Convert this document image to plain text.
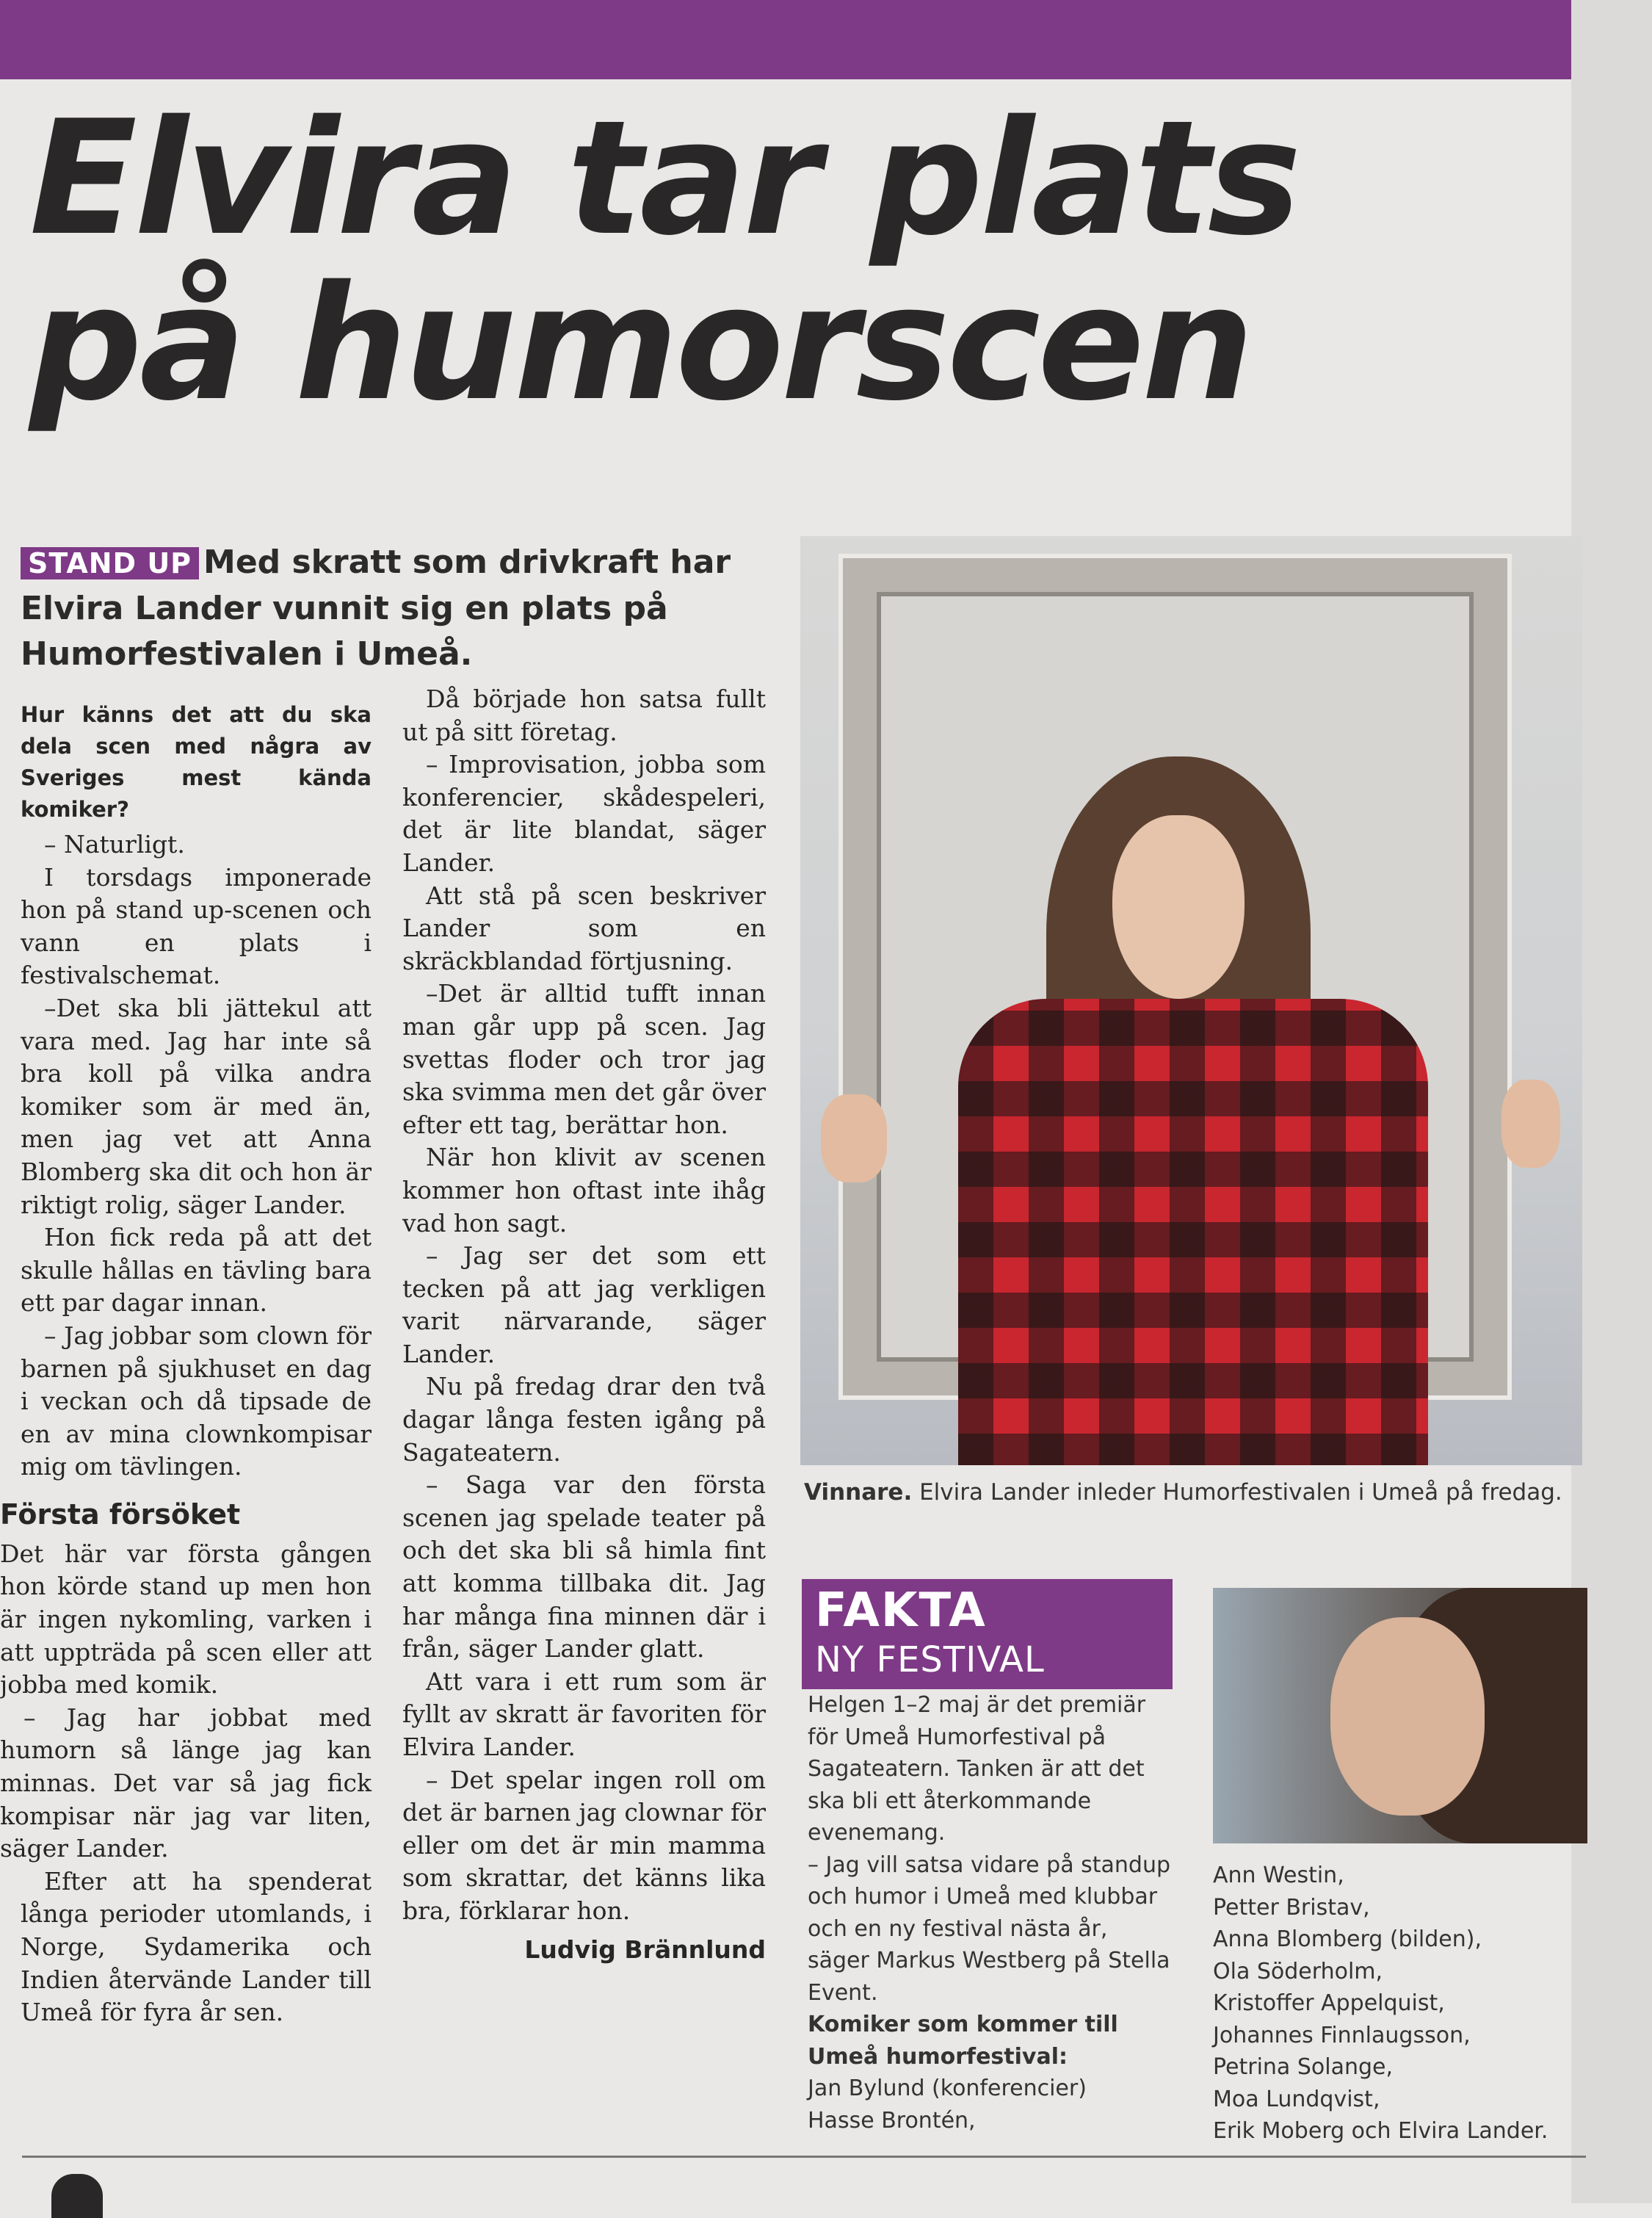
Elvira tar plats
på humorscen
STAND UP Med skratt som drivkraft har Elvira Lander vunnit sig en plats på Humorfestivalen i Umeå.

Hur känns det att du ska dela scen med några av Sveriges mest kända komiker?

– Naturligt.

I torsdags imponerade hon på stand up-scenen och vann en plats i festivalschemat.

–Det ska bli jättekul att vara med. Jag har inte så bra koll på vilka andra komiker som är med än, men jag vet att Anna Blomberg ska dit och hon är riktigt rolig, säger Lander.

Hon fick reda på att det skulle hållas en tävling bara ett par dagar innan.

– Jag jobbar som clown för barnen på sjukhuset en dag i veckan och då tipsade de en av mina clownkompisar mig om tävlingen.

Första försöket

Det här var första gången hon körde stand up men hon är ingen nykomling, varken i att uppträda på scen eller att jobba med komik.

– Jag har jobbat med humorn så länge jag kan minnas. Det var så jag fick kompisar när jag var liten, säger Lander.

Efter att ha spenderat långa perioder utomlands, i Norge, Sydamerika och Indien återvände Lander till Umeå för fyra år sen.

Då började hon satsa fullt ut på sitt företag.

– Improvisation, jobba som konferencier, skådespeleri, det är lite blandat, säger Lander.

Att stå på scen beskriver Lander som en skräckblandad förtjusning.

–Det är alltid tufft innan man går upp på scen. Jag svettas floder och tror jag ska svimma men det går över efter ett tag, berättar hon.

När hon klivit av scenen kommer hon oftast inte ihåg vad hon sagt.

– Jag ser det som ett tecken på att jag verkligen varit närvarande, säger Lander.

Nu på fredag drar den två dagar långa festen igång på Sagateatern.

– Saga var den första scenen jag spelade teater på och det ska bli så himla fint att komma tillbaka dit. Jag har många fina minnen där i från, säger Lander glatt.

Att vara i ett rum som är fyllt av skratt är favoriten för Elvira Lander.

– Det spelar ingen roll om det är barnen jag clownar för eller om det är min mamma som skrattar, det känns lika bra, förklarar hon.

Ludvig Brännlund
Vinnare. Elvira Lander inleder Humorfestivalen i Umeå på fredag.
FAKTA
NY FESTIVAL

Helgen 1–2 maj är det premiär för Umeå Humorfestival på Sagateatern. Tanken är att det ska bli ett återkommande evenemang.

– Jag vill satsa vidare på standup och humor i Umeå med klubbar och en ny festival nästa år, säger Markus Westberg på Stella Event.

Komiker som kommer till Umeå humorfestival:

Jan Bylund (konferencier)

Hasse Brontén,

Ann Westin,

Petter Bristav,

Anna Blomberg (bilden),

Ola Söderholm,

Kristoffer Appelquist,

Johannes Finnlaugsson,

Petrina Solange,

Moa Lundqvist,

Erik Moberg och Elvira Lander.
